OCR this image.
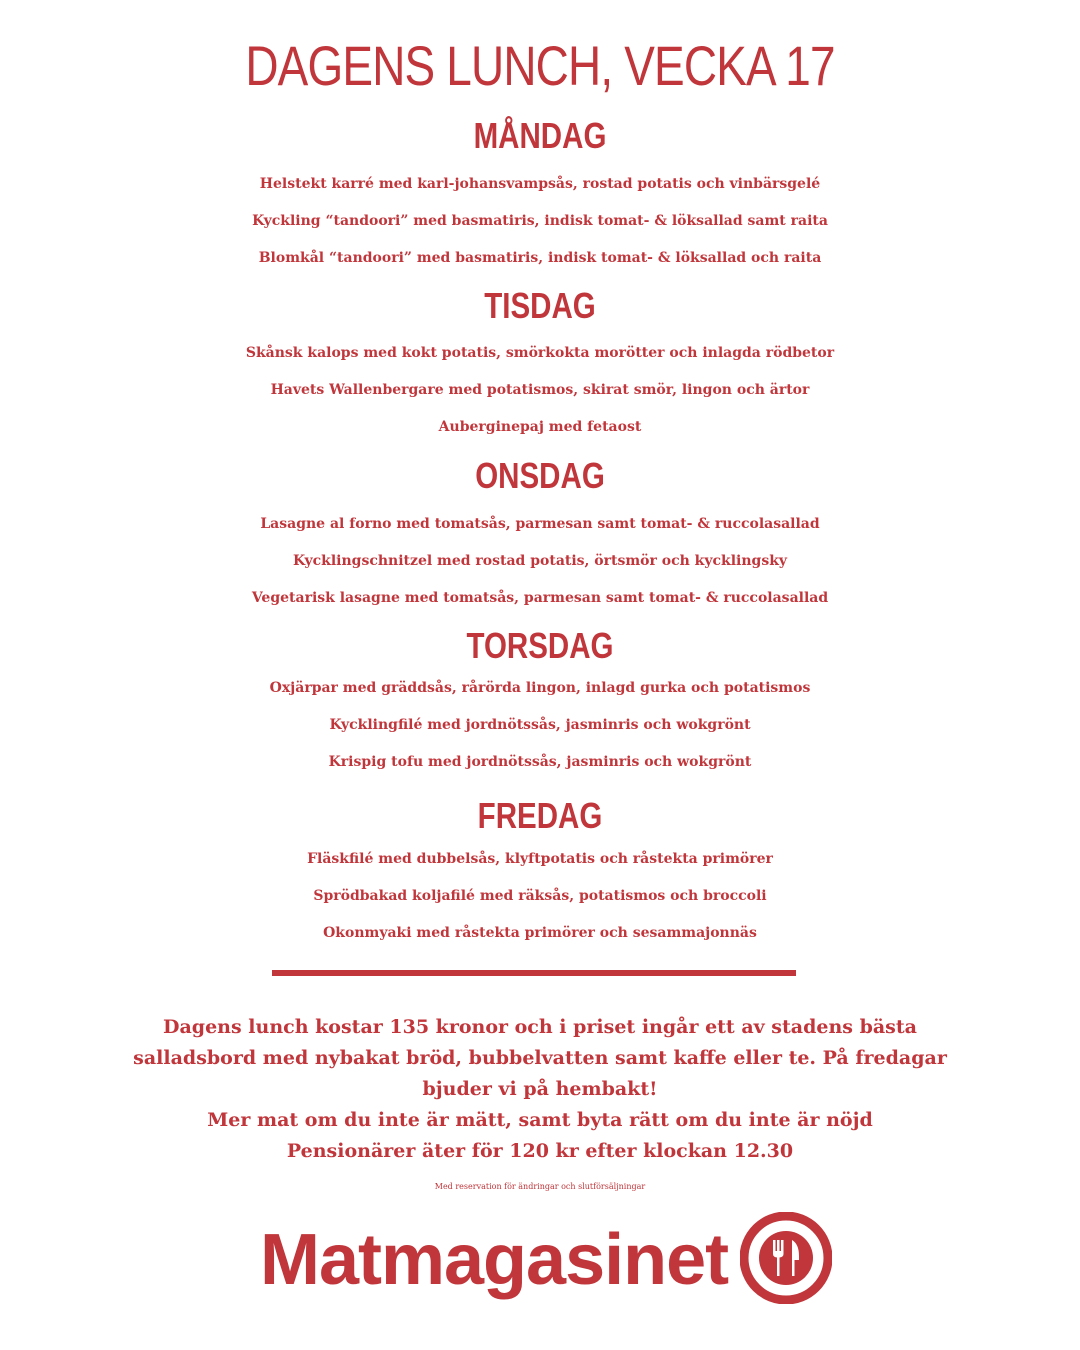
DAGENS LUNCH, VECKA 17
MÅNDAG
Helstekt karré med karl-johansvampsås, rostad potatis och vinbärsgelé
Kyckling “tandoori” med basmatiris, indisk tomat- & löksallad samt raita
Blomkål “tandoori” med basmatiris, indisk tomat- & löksallad och raita
TISDAG
Skånsk kalops med kokt potatis, smörkokta morötter och inlagda rödbetor
Havets Wallenbergare med potatismos, skirat smör, lingon och ärtor
Auberginepaj med fetaost
ONSDAG
Lasagne al forno med tomatsås, parmesan samt tomat- & ruccolasallad
Kycklingschnitzel med rostad potatis, örtsmör och kycklingsky
Vegetarisk lasagne med tomatsås, parmesan samt tomat- & ruccolasallad
TORSDAG
Oxjärpar med gräddsås, rårörda lingon, inlagd gurka och potatismos
Kycklingfilé med jordnötssås, jasminris och wokgrönt
Krispig tofu med jordnötssås, jasminris och wokgrönt
FREDAG
Fläskfilé med dubbelsås, klyftpotatis och råstekta primörer
Sprödbakad koljafilé med räksås, potatismos och broccoli
Okonmyaki med råstekta primörer och sesammajonnäs

Dagens lunch kostar 135 kronor och i priset ingår ett av stadens bästa salladsbord med nybakat bröd, bubbelvatten samt kaffe eller te. På fredagar bjuder vi på hembakt!

Mer mat om du inte är mätt, samt byta rätt om du inte är nöjd

Pensionärer äter för 120 kr efter klockan 12.30

Med reservation för ändringar och slutförsäljningar
Matmagasinet
